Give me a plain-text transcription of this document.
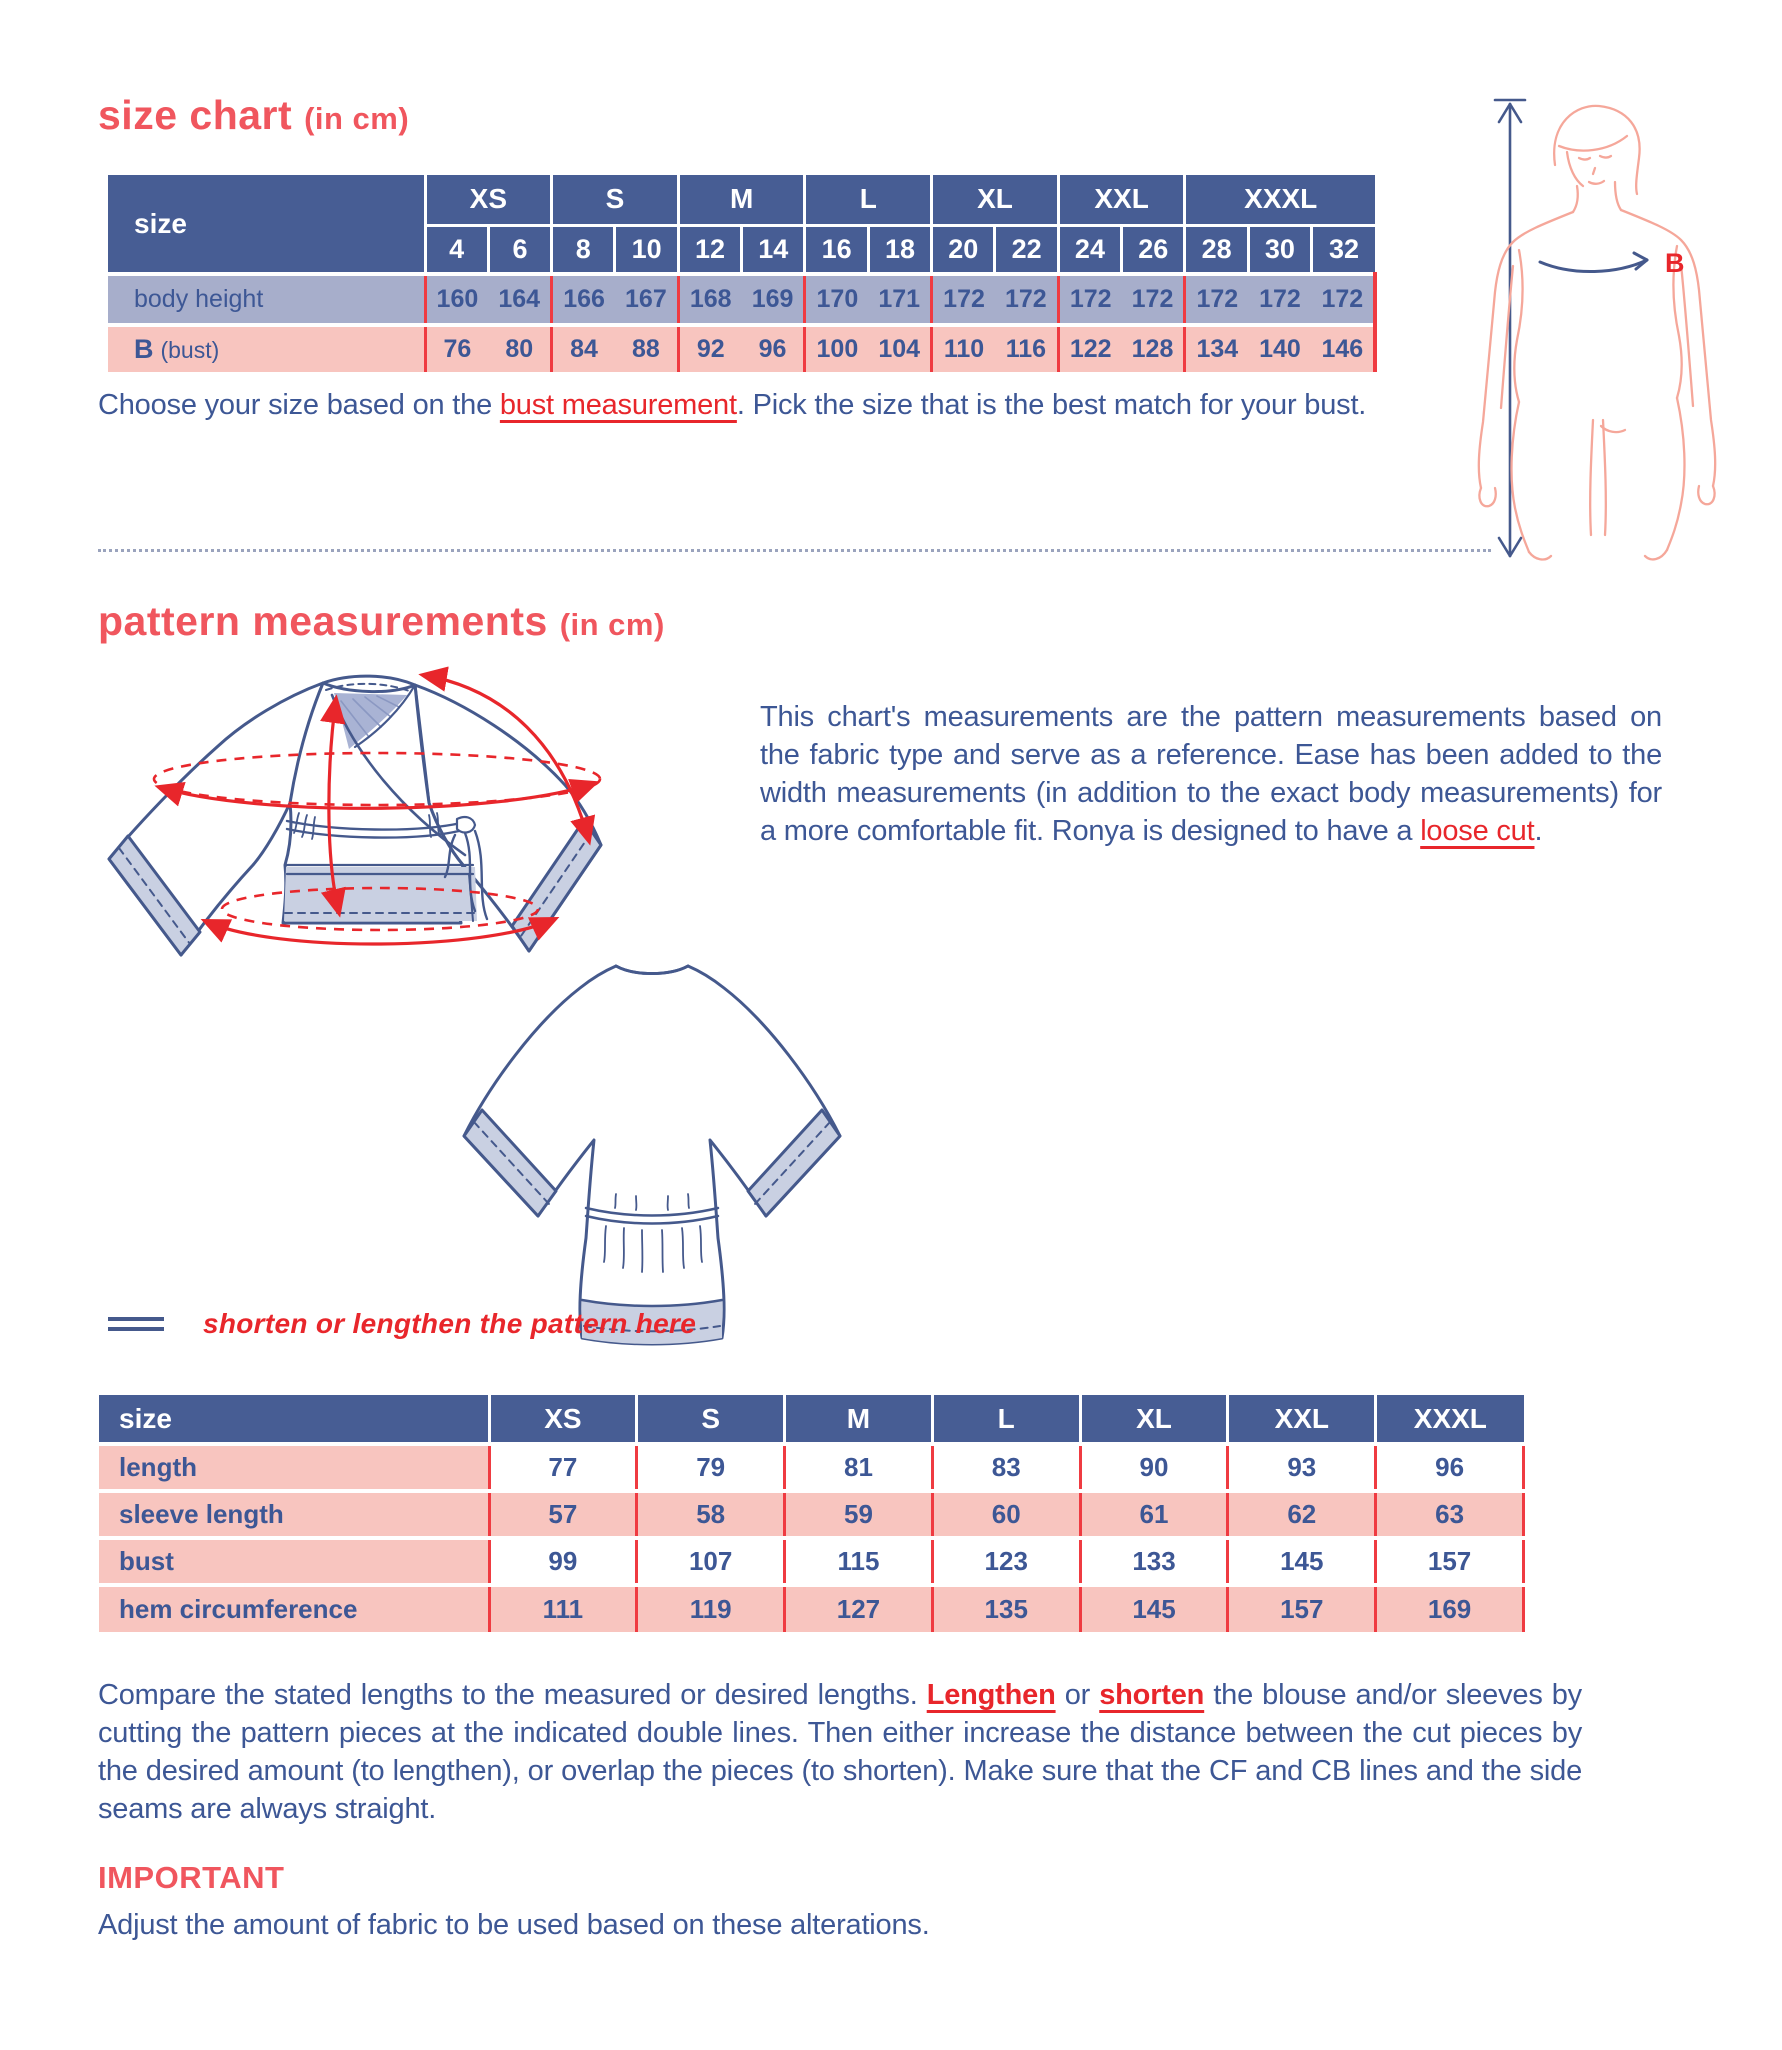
size chart (in cm)
size	XS		S		M		L		XL		XXL		XXXL	
	4	6	8	10	12	14	16	18	20	22	24	26	28	30	32
body height	160	164	166	167	168	169	170	171	172	172	172	172	172	172	172
B (bust)	76	80	84	88	92	96	100	104	110	116	122	128	134	140	146
Choose your size based on the bust measurement. Pick the size that is the best match for your bust.
B
pattern measurements (in cm)
This chart's measurements are the pattern measurements based on the fabric type and serve as a reference. Ease has been added to the width measurements (in addition to the exact body measurements) for a more comfortable fit. Ronya is designed to have a loose cut.
shorten or lengthen the pattern here
size	XS	S	M	L	XL	XXL	XXXL
length	77	79	81	83	90	93	96
sleeve length	57	58	59	60	61	62	63
bust	99	107	115	123	133	145	157
hem circumference	111	119	127	135	145	157	169
Compare the stated lengths to the measured or desired lengths. Lengthen or shorten the blouse and/or sleeves by cutting the pattern pieces at the indicated double lines. Then either increase the distance between the cut pieces by the desired amount (to lengthen), or overlap the pieces (to shorten). Make sure that the CF and CB lines and the side seams are always straight.
IMPORTANT
Adjust the amount of fabric to be used based on these alterations.
